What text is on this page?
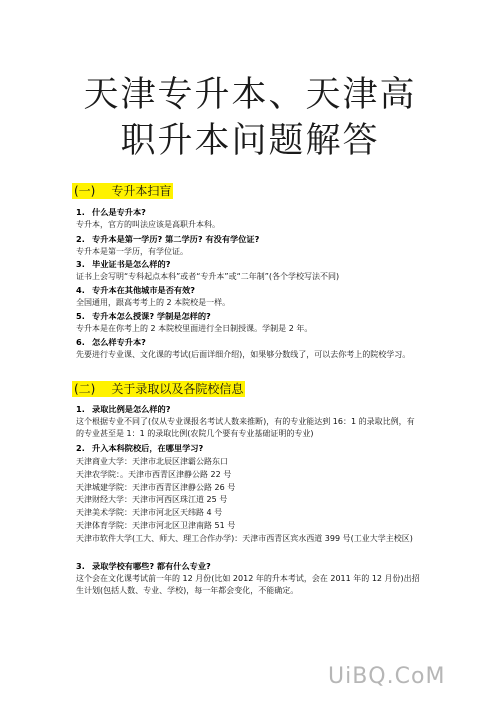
天津专升本、天津高
职升本问题解答
(一) 专升本扫盲
1. 什么是专升本?
专升本，官方的叫法应该是高职升本科。
2. 专升本是第一学历? 第二学历? 有没有学位证?
专升本是第一学历，有学位证。
3. 毕业证书是怎么样的?
证书上会写明“专科起点本科”或者“专升本”或“二年制”(各个学校写法不同)
4. 专升本在其他城市是否有效?
全国通用，跟高考考上的 2 本院校是一样。
5. 专升本怎么授课? 学制是怎样的?
专升本是在你考上的 2 本院校里面进行全日制授课。学制是 2 年。
6. 怎么样专升本?
先要进行专业课、文化课的考试(后面详细介绍)，如果够分数线了，可以去你考上的院校学习。
(二) 关于录取以及各院校信息
1. 录取比例是怎么样的?
这个根据专业不同了(仅从专业课报名考试人数来推断)，有的专业能达到 16：1 的录取比例，有的专业甚至是 1：1 的录取比例(农院几个要有专业基础证明的专业)
2. 升入本科院校后，在哪里学习?
天津商业大学：天津市北辰区津霸公路东口
天津农学院：。天津市西青区津静公路 22 号
天津城建学院：天津市西青区津静公路 26 号
天津财经大学：天津市河西区珠江道 25 号
天津美术学院：天津市河北区天纬路 4 号
天津体育学院：天津市河北区卫津南路 51 号
天津市软件大学(工大、师大、理工合作办学)：天津市西青区宾水西道 399 号(工业大学主校区)
3. 录取学校有哪些? 都有什么专业?
这个会在文化课考试前一年的 12 月份(比如 2012 年的升本考试，会在 2011 年的 12 月份)出招生计划(包括人数、专业、学校)，每一年都会变化，不能确定。
UiBQ.CoM
